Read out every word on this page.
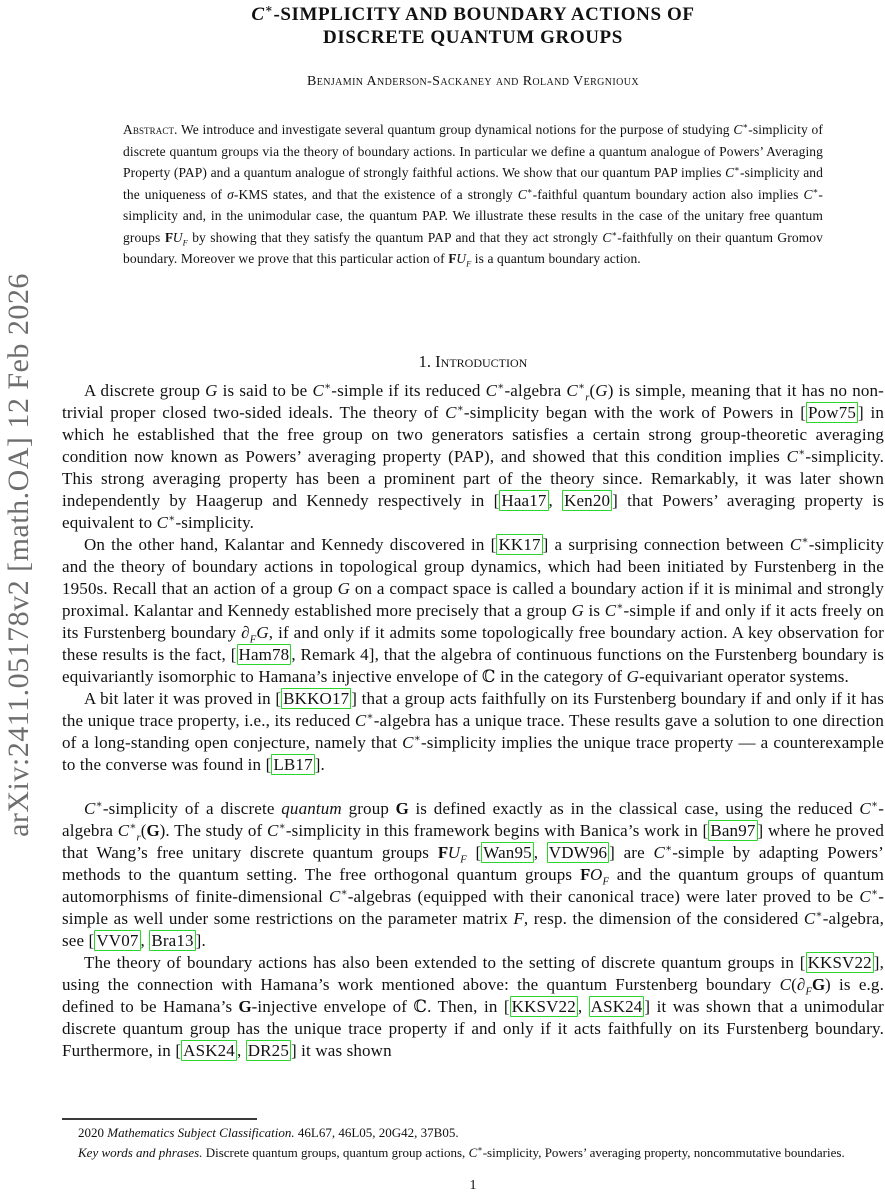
arXiv:2411.05178v2 [math.OA] 12 Feb 2026
C∗-SIMPLICITY AND BOUNDARY ACTIONS OF
DISCRETE QUANTUM GROUPS
Benjamin Anderson-Sackaney and Roland Vergnioux
Abstract. We introduce and investigate several quantum group dynamical notions for the purpose of studying C∗-simplicity of discrete quantum groups via the theory of boundary actions. In particular we define a quantum analogue of Powers’ Averaging Property (PAP) and a quantum analogue of strongly faithful actions. We show that our quantum PAP implies C∗-simplicity and the uniqueness of σ-KMS states, and that the existence of a strongly C∗-faithful quantum boundary action also implies C∗-simplicity and, in the unimodular case, the quantum PAP. We illustrate these results in the case of the unitary free quantum groups $FU_F$ by showing that they satisfy the quantum PAP and that they act strongly C∗-faithfully on their quantum Gromov boundary. Moreover we prove that this particular action of $FU_F$ is a quantum boundary action.
1. Introduction

A discrete group G is said to be C∗-simple if its reduced C∗-algebra $C^∗_r(G)$ is simple, meaning that it has no non-trivial proper closed two-sided ideals. The theory of C∗-simplicity began with the work of Powers in [ Pow75 ] in which he established that the free group on two generators satisfies a certain strong group-theoretic averaging condition now known as Powers’ averaging property (PAP), and showed that this condition implies C∗-simplicity. This strong averaging property has been a prominent part of the theory since. Remarkably, it was later shown independently by Haagerup and Kennedy respectively in [ Haa17 , Ken20 ] that Powers’ averaging property is equivalent to C∗-simplicity.

On the other hand, Kalantar and Kennedy discovered in [ KK17 ] a surprising connection between C∗-simplicity and the theory of boundary actions in topological group dynamics, which had been initiated by Furstenberg in the 1950s. Recall that an action of a group G on a compact space is called a boundary action if it is minimal and strongly proximal. Kalantar and Kennedy established more precisely that a group G is C∗-simple if and only if it acts freely on its Furstenberg boundary $\partial_FG$, if and only if it admits some topologically free boundary action. A key observation for these results is the fact, [ Ham78 , Remark 4], that the algebra of continuous functions on the Furstenberg boundary is equivariantly isomorphic to Hamana’s injective envelope of ℂ in the category of G-equivariant operator systems.

A bit later it was proved in [ BKKO17 ] that a group acts faithfully on its Furstenberg boundary if and only if it has the unique trace property, i.e., its reduced C∗-algebra has a unique trace. These results gave a solution to one direction of a long-standing open conjecture, namely that C∗-simplicity implies the unique trace property — a counterexample to the converse was found in [ LB17 ].

C∗-simplicity of a discrete quantum group G is defined exactly as in the classical case, using the reduced C∗-algebra $C^∗_r(G)$. The study of C∗-simplicity in this framework begins with Banica’s work in [ Ban97 ] where he proved that Wang’s free unitary discrete quantum groups $FU_F$ [ Wan95 , VDW96 ] are C∗-simple by adapting Powers’ methods to the quantum setting. The free orthogonal quantum groups $FO_F$ and the quantum groups of quantum automorphisms of finite-dimensional C∗-algebras (equipped with their canonical trace) were later proved to be C∗-simple as well under some restrictions on the parameter matrix F, resp. the dimension of the considered C∗-algebra, see [ VV07 , Bra13 ].

The theory of boundary actions has also been extended to the setting of discrete quantum groups in [ KKSV22 ], using the connection with Hamana’s work mentioned above: the quantum Furstenberg boundary $C(\partial_FG)$ is e.g. defined to be Hamana’s G-injective envelope of ℂ. Then, in [ KKSV22 , ASK24 ] it was shown that a unimodular discrete quantum group has the unique trace property if and only if it acts faithfully on its Furstenberg boundary. Furthermore, in [ ASK24 , DR25 ] it was shown

2020 Mathematics Subject Classification. 46L67, 46L05, 20G42, 37B05.

Key words and phrases. Discrete quantum groups, quantum group actions, C∗-simplicity, Powers’ averaging property, noncommutative boundaries.

1
